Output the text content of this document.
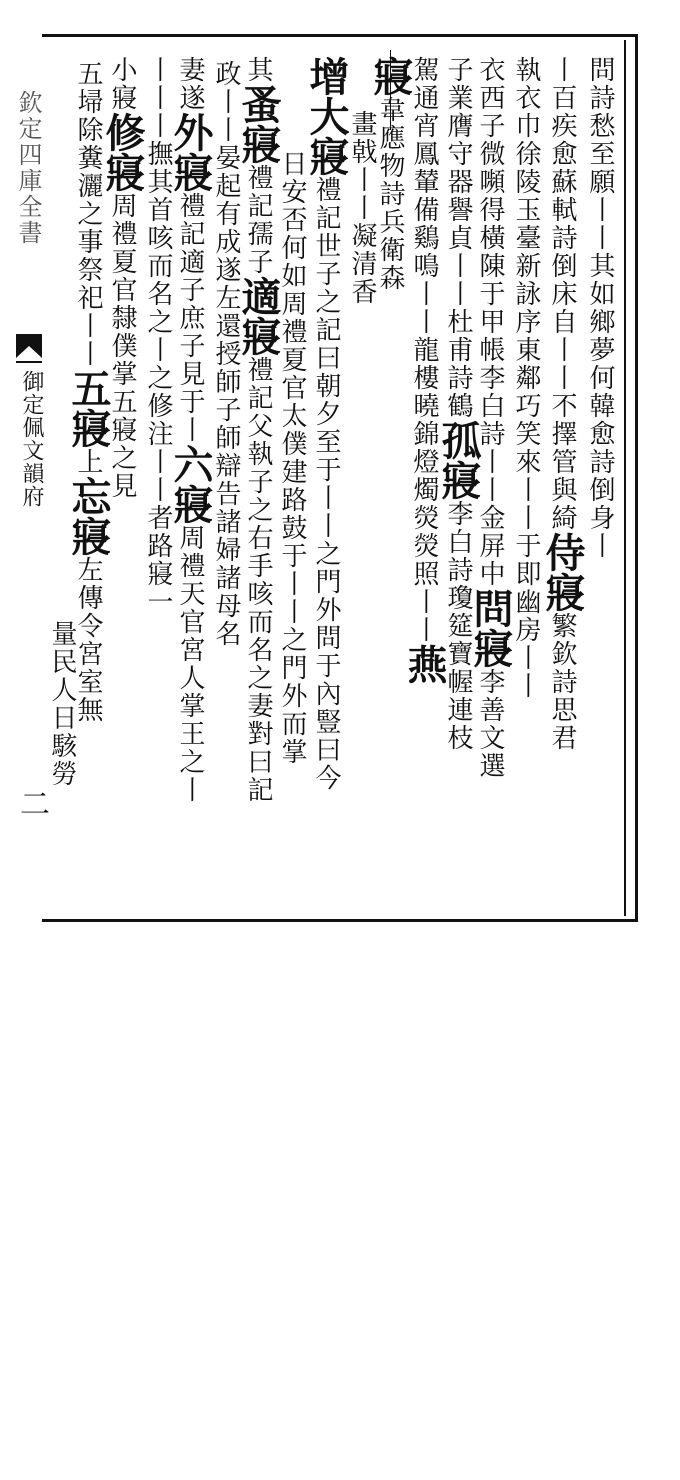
欽定四庫全書
御定佩文韻府
二
問詩愁至願丨丨其如鄉夢何韓愈詩倒身丨
丨百疾愈蘇軾詩倒床自丨丨不擇管與綺侍寢繁欽詩思君
執衣巾徐陵玉臺新詠序東鄰巧笑來丨丨于即幽房丨丨
衣西子微嚬得橫陳于甲帳李白詩丨丨金屏中問寢李善文選
子業膺守器譽貞丨丨杜甫詩鶴孤寢李白詩瓊筵寶幄連枝
駕通宵鳳輦備鷄鳴丨丨龍樓曉錦燈燭熒熒照丨丨燕
寢韋應物詩兵衛森
畫戟丨丨凝清香
增大寢禮記世子之記曰朝夕至于丨丨之門外問于內豎曰今
日安否何如周禮夏官太僕建路鼓于丨丨之門外而掌
其蚤寢禮記孺子適寢禮記父執子之右手咳而名之妻對曰記
政丨丨晏起有成遂左還授師子師辯告諸婦諸母名
妻遂外寢禮記適子庶子見于丨六寢周禮天官宮人掌王之丨
丨丨丨撫其首咳而名之丨之修注丨丨者路寢一
小寢修寢周禮夏官隸僕掌五寢之見
五埽除糞灑之事祭祀丨丨五寢上忘寢左傳令宮室無
量民人日駭勞
